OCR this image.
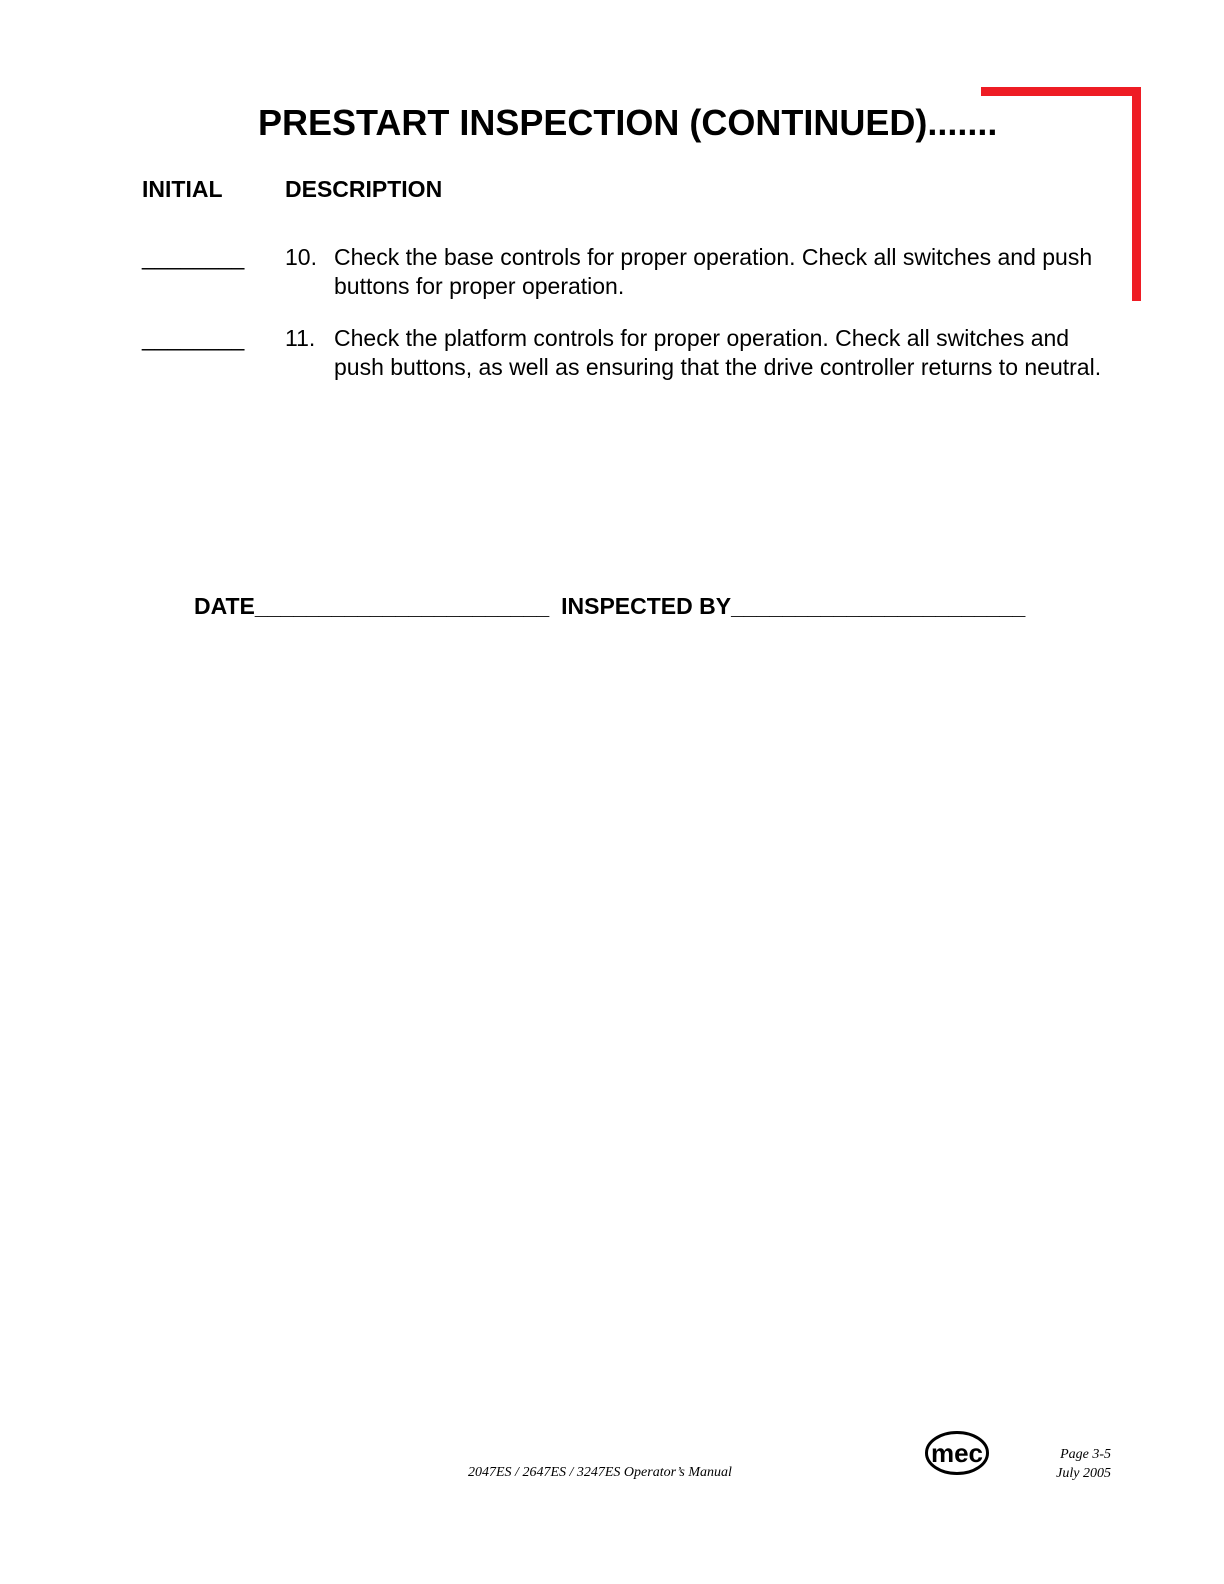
PRESTART INSPECTION (CONTINUED).......
INITIAL	DESCRIPTION
________ 10. Check the base controls for proper operation. Check all switches and push buttons for proper operation.
________ 11. Check the platform controls for proper operation. Check all switches and push buttons, as well as ensuring that the drive controller returns to neutral.
DATE_______________________ INSPECTED BY_______________________
2047ES / 2647ES / 3247ES Operator’s Manual
mec	Page 3-5
July 2005
